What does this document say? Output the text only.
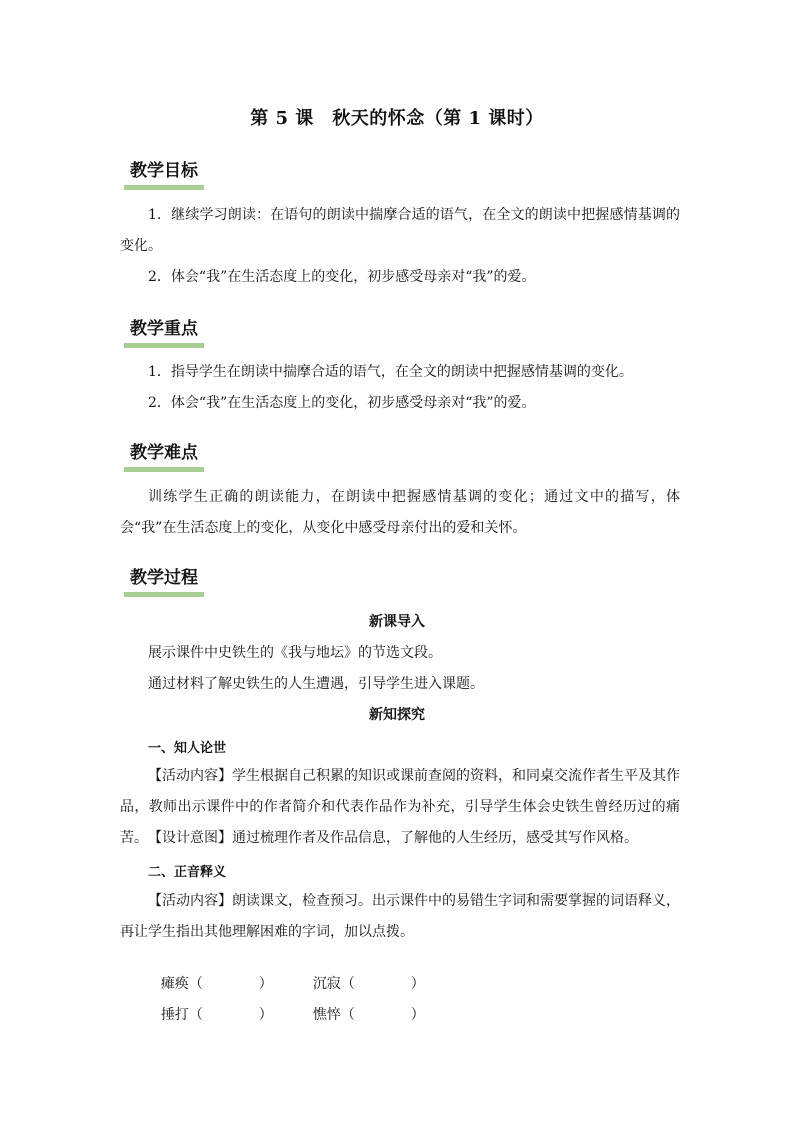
第 5 课　秋天的怀念（第 1 课时）
教学目标
1．继续学习朗读：在语句的朗读中揣摩合适的语气，在全文的朗读中把握感情基调的变化。
2．体会“我”在生活态度上的变化，初步感受母亲对“我”的爱。
教学重点
1．指导学生在朗读中揣摩合适的语气，在全文的朗读中把握感情基调的变化。
2．体会“我”在生活态度上的变化，初步感受母亲对“我”的爱。
教学难点
训练学生正确的朗读能力，在朗读中把握感情基调的变化；通过文中的描写，体会“我”在生活态度上的变化，从变化中感受母亲付出的爱和关怀。
教学过程
新课导入
展示课件中史铁生的《我与地坛》的节选文段。
通过材料了解史铁生的人生遭遇，引导学生进入课题。
新知探究
一、知人论世
【活动内容】学生根据自己积累的知识或课前查阅的资料，和同桌交流作者生平及其作品，教师出示课件中的作者简介和代表作品作为补充，引导学生体会史铁生曾经历过的痛苦。 【设计意图】通过梳理作者及作品信息，了解他的人生经历，感受其写作风格。
二、正音释义
【活动内容】朗读课文，检查预习。出示课件中的易错生字词和需要掌握的词语释义，再让学生指出其他理解困难的字词，加以点拨。

瘫痪（　　　　）
	沉寂（　　　　）

捶打（　　　　）
	憔悴（　　　　）
